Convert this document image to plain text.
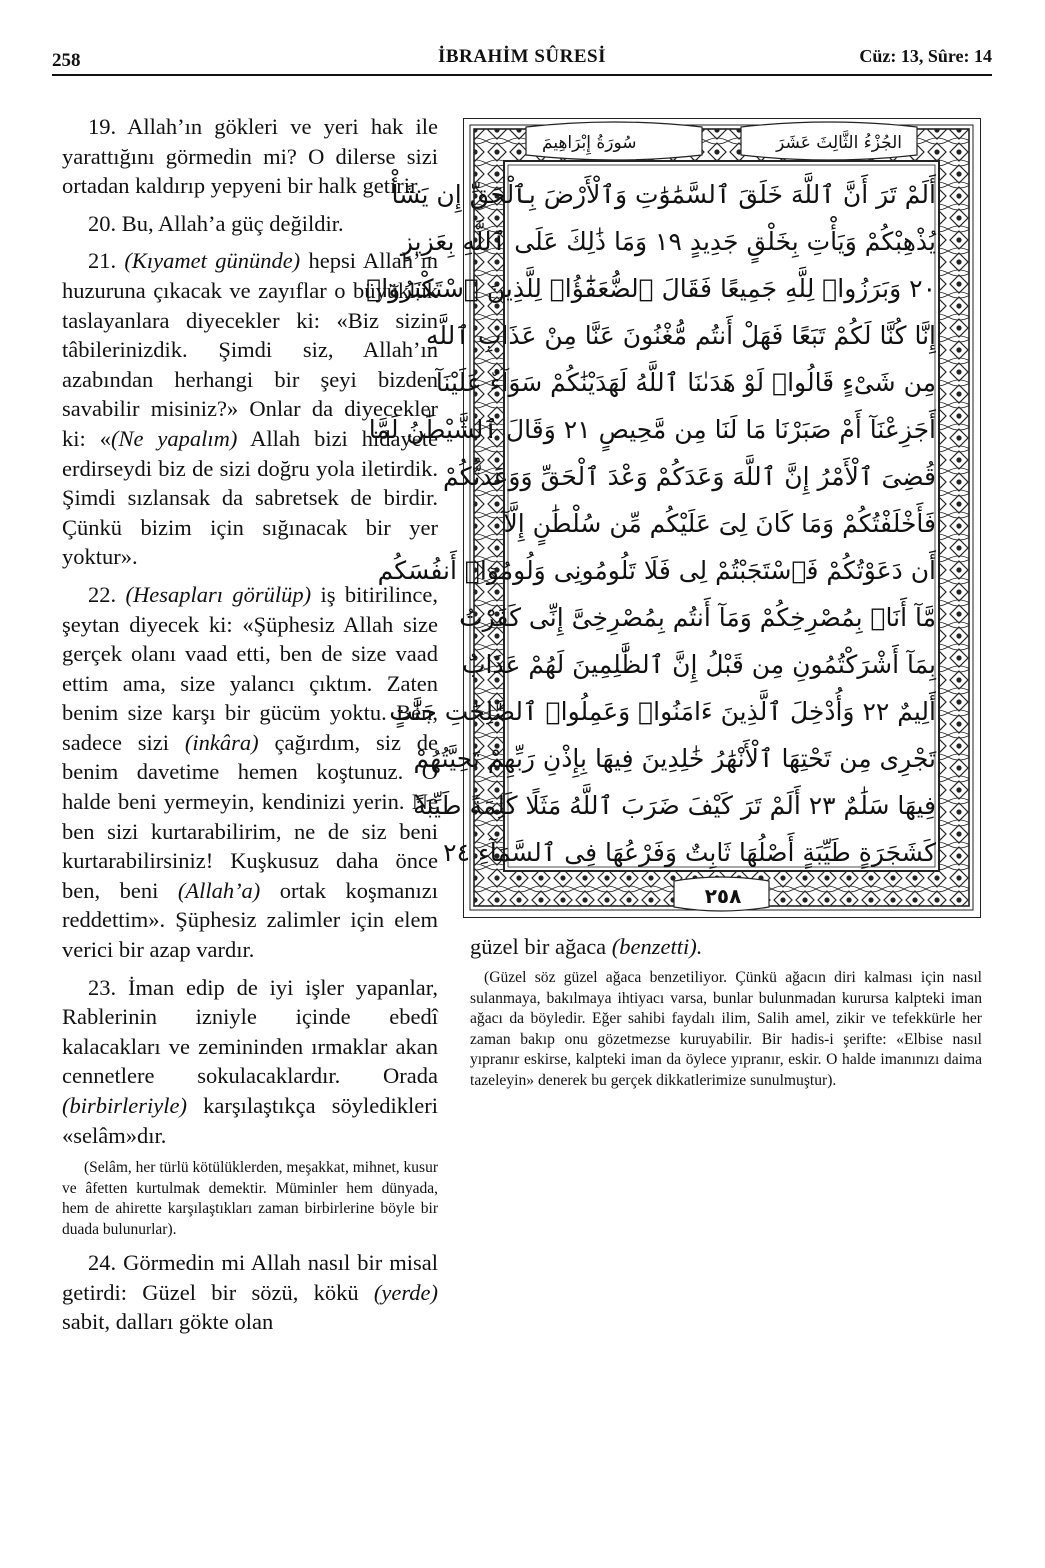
258	İBRAHİM SÛRESİ	Cüz: 13, Sûre: 14

19. Allah’ın gökleri ve yeri hak ile yarattığını görmedin mi? O dilerse sizi ortadan kaldırıp yepyeni bir halk getirir.

20. Bu, Allah’a güç değildir.

21. (Kıyamet gününde) hepsi Allah’ın huzuruna çıkacak ve zayıflar o büyüklük taslayanlara diyecekler ki: «Biz sizin tâbilerinizdik. Şimdi siz, Allah’ın azabından herhangi bir şeyi bizden savabilir misiniz?» Onlar da diyecekler ki: «(Ne yapalım) Allah bizi hidayete erdirseydi biz de sizi doğru yola iletirdik. Şimdi sızlansak da sabretsek de birdir. Çünkü bizim için sığınacak bir yer yoktur».

22. (Hesapları görülüp) iş bitirilince, şeytan diyecek ki: «Şüphesiz Allah size gerçek olanı vaad etti, ben de size vaad ettim ama, size yalancı çıktım. Zaten benim size karşı bir gücüm yoktu. Ben, sadece sizi (inkâra) çağırdım, siz de benim davetime hemen koştunuz. O halde beni yermeyin, kendinizi yerin. Ne ben sizi kurtarabilirim, ne de siz beni kurtarabilirsiniz! Kuşkusuz daha önce ben, beni (Allah’a) ortak koşmanızı reddettim». Şüphesiz zalimler için elem verici bir azap vardır.

23. İman edip de iyi işler yapanlar, Rablerinin izniyle içinde ebedî kalacakları ve zemininden ırmaklar akan cennetlere sokulacaklardır. Orada (birbirleriyle) karşılaştıkça söyledikleri «selâm»dır.

(Selâm, her türlü kötülüklerden, meşakkat, mihnet, kusur ve âfetten kurtulmak demektir. Müminler hem dünyada, hem de ahirette karşılaştıkları zaman birbirlerine böyle bir duada bulunurlar).

24. Görmedin mi Allah nasıl bir misal getirdi: Güzel bir sözü, kökü (yerde) sabit, dalları gökte olan

سُورَةُ إِبْرَاهِيمَ	الجُزْءُ الثَّالِثَ عَشَرَ
أَلَمْ تَرَ أَنَّ ٱللَّهَ خَلَقَ ٱلسَّمَٰوَٰتِ وَٱلْأَرْضَ بِٱلْحَقِّ إِن يَشَأْ
يُذْهِبْكُمْ وَيَأْتِ بِخَلْقٍ جَدِيدٍ ١٩ وَمَا ذَٰلِكَ عَلَى ٱللَّهِ بِعَزِيزٍ
٢٠ وَبَرَزُوا۟ لِلَّهِ جَمِيعًا فَقَالَ ٱلضُّعَفَٰٓؤُا۟ لِلَّذِينَ ٱسْتَكْبَرُوٓا۟
إِنَّا كُنَّا لَكُمْ تَبَعًا فَهَلْ أَنتُم مُّغْنُونَ عَنَّا مِنْ عَذَابِ ٱللَّهِ
مِن شَىْءٍ قَالُوا۟ لَوْ هَدَىٰنَا ٱللَّهُ لَهَدَيْنَٰكُمْ سَوَآءٌ عَلَيْنَآ
أَجَزِعْنَآ أَمْ صَبَرْنَا مَا لَنَا مِن مَّحِيصٍ ٢١ وَقَالَ ٱلشَّيْطَٰنُ لَمَّا
قُضِىَ ٱلْأَمْرُ إِنَّ ٱللَّهَ وَعَدَكُمْ وَعْدَ ٱلْحَقِّ وَوَعَدتُّكُمْ
فَأَخْلَفْتُكُمْ وَمَا كَانَ لِىَ عَلَيْكُم مِّن سُلْطَٰنٍ إِلَّآ
أَن دَعَوْتُكُمْ فَٱسْتَجَبْتُمْ لِى فَلَا تَلُومُونِى وَلُومُوٓا۟ أَنفُسَكُم
مَّآ أَنَا۠ بِمُصْرِخِكُمْ وَمَآ أَنتُم بِمُصْرِخِىَّ إِنِّى كَفَرْتُ
بِمَآ أَشْرَكْتُمُونِ مِن قَبْلُ إِنَّ ٱلظَّٰلِمِينَ لَهُمْ عَذَابٌ
أَلِيمٌ ٢٢ وَأُدْخِلَ ٱلَّذِينَ ءَامَنُوا۟ وَعَمِلُوا۟ ٱلصَّٰلِحَٰتِ جَنَّٰتٍ
تَجْرِى مِن تَحْتِهَا ٱلْأَنْهَٰرُ خَٰلِدِينَ فِيهَا بِإِذْنِ رَبِّهِمْ تَحِيَّتُهُمْ
فِيهَا سَلَٰمٌ ٢٣ أَلَمْ تَرَ كَيْفَ ضَرَبَ ٱللَّهُ مَثَلًا كَلِمَةً طَيِّبَةً
كَشَجَرَةٍ طَيِّبَةٍ أَصْلُهَا ثَابِتٌ وَفَرْعُهَا فِى ٱلسَّمَآءِ ٢٤
٢٥٨

güzel bir ağaca (benzetti).

(Güzel söz güzel ağaca benzetiliyor. Çünkü ağacın diri kalması için nasıl sulanmaya, bakılmaya ihtiyacı varsa, bunlar bulunmadan kurursa kalpteki iman ağacı da böyledir. Eğer sahibi faydalı ilim, Salih amel, zikir ve tefekkürle her zaman bakıp onu gözetmezse kuruyabilir. Bir hadis-i şerifte: «Elbise nasıl yıpranır eskirse, kalpteki iman da öylece yıpranır, eskir. O halde imanınızı daima tazeleyin» denerek bu gerçek dikkatlerimize sunulmuştur).
